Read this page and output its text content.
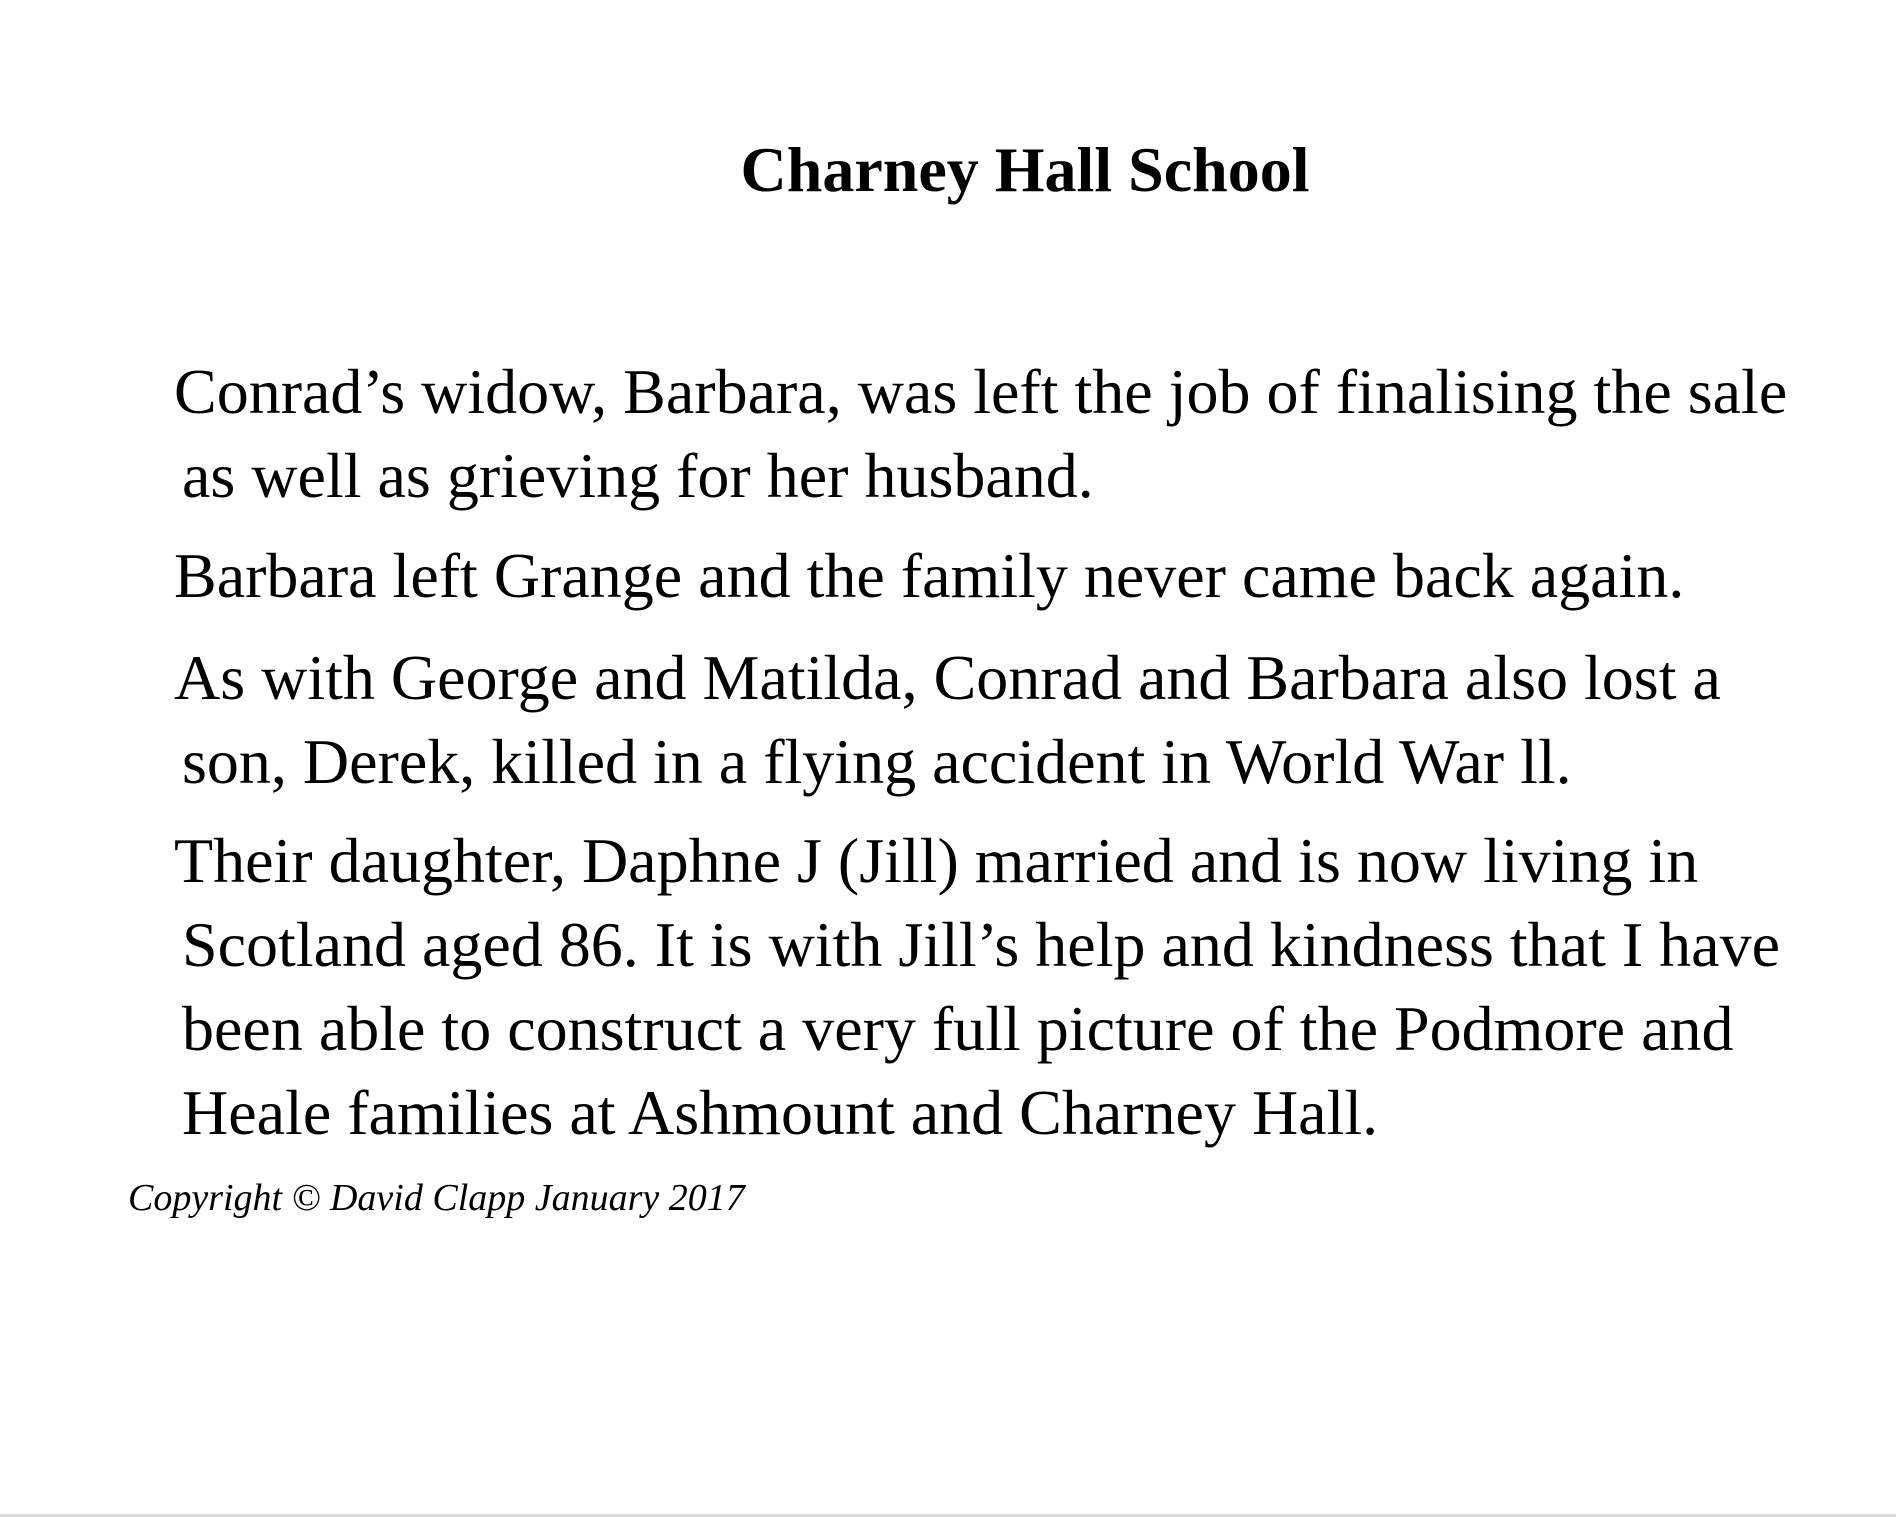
Charney Hall School

Conrad’s widow, Barbara, was left the job of finalising the sale
as well as grieving for her husband.

Barbara left Grange and the family never came back again.

As with George and Matilda, Conrad and Barbara also lost a
son, Derek, killed in a flying accident in World War ll.

Their daughter, Daphne J (Jill) married and is now living in
Scotland aged 86. It is with Jill’s help and kindness that I have
been able to construct a very full picture of the Podmore and
Heale families at Ashmount and Charney Hall.

Copyright © David Clapp January 2017
